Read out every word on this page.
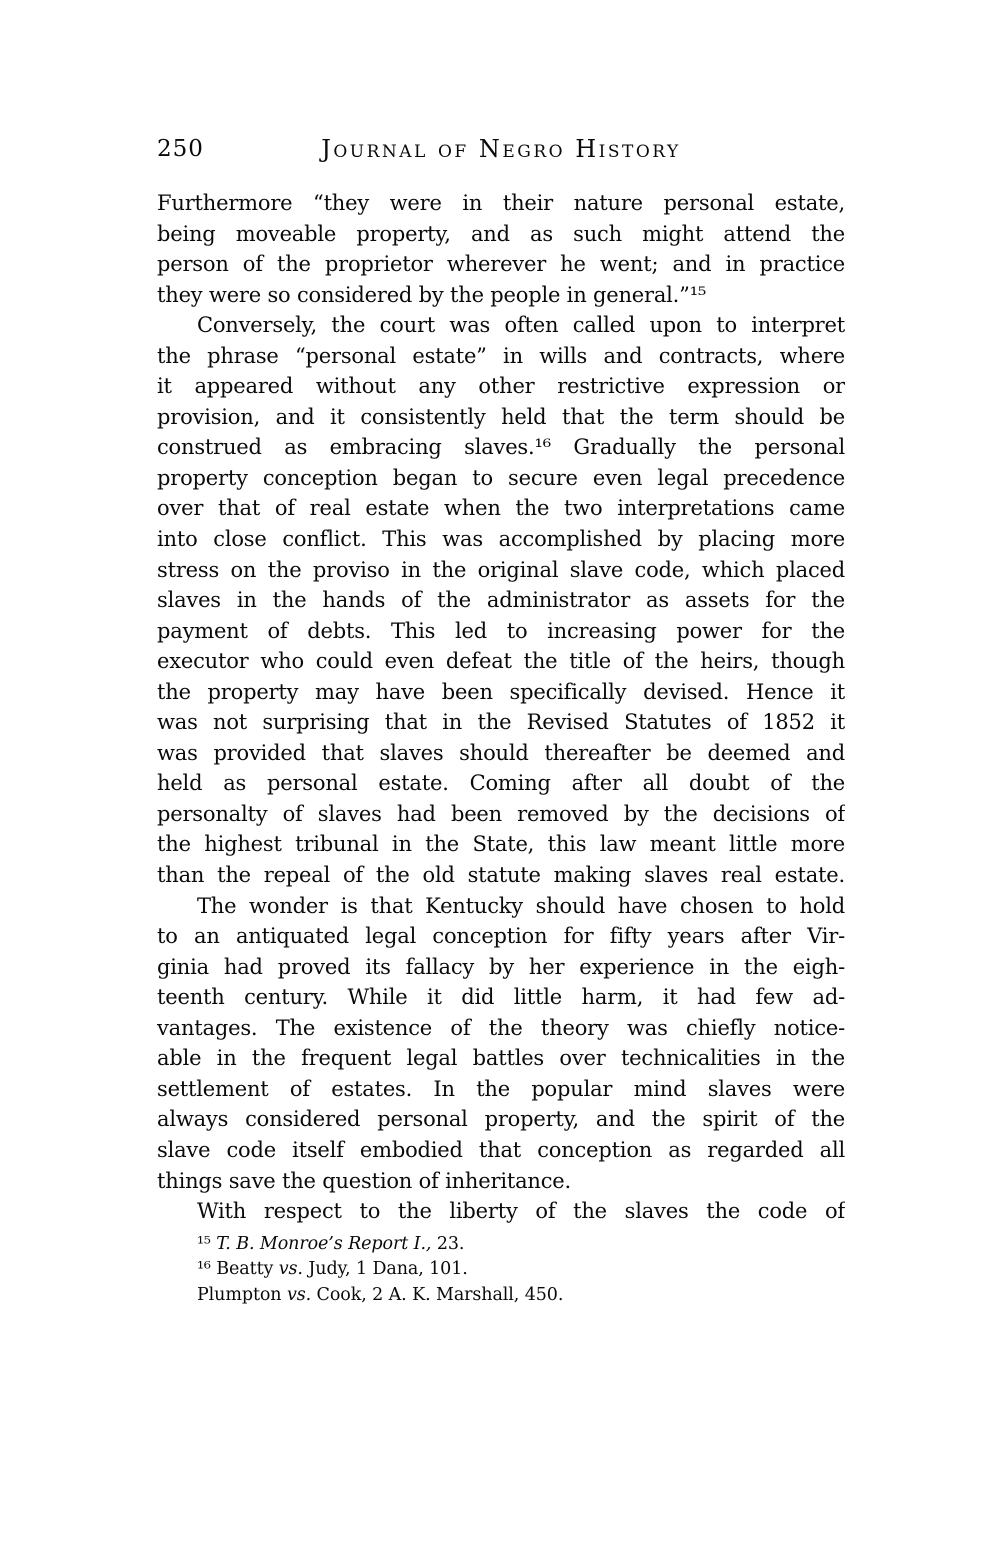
250	Journal of Negro History
Furthermore “they were in their nature personal estate,
being moveable property, and as such might attend the
person of the proprietor wherever he went; and in practice
they were so considered by the people in general.”¹⁵
Conversely, the court was often called upon to interpret
the phrase “personal estate” in wills and contracts, where
it appeared without any other restrictive expression or
provision, and it consistently held that the term should be
construed as embracing slaves.¹⁶ Gradually the personal
property conception began to secure even legal precedence
over that of real estate when the two interpretations came
into close conflict. This was accomplished by placing more
stress on the proviso in the original slave code, which placed
slaves in the hands of the administrator as assets for the
payment of debts. This led to increasing power for the
executor who could even defeat the title of the heirs, though
the property may have been specifically devised. Hence it
was not surprising that in the Revised Statutes of 1852 it
was provided that slaves should thereafter be deemed and
held as personal estate. Coming after all doubt of the
personalty of slaves had been removed by the decisions of
the highest tribunal in the State, this law meant little more
than the repeal of the old statute making slaves real estate.
The wonder is that Kentucky should have chosen to hold
to an antiquated legal conception for fifty years after Vir-
ginia had proved its fallacy by her experience in the eigh-
teenth century. While it did little harm, it had few ad-
vantages. The existence of the theory was chiefly notice-
able in the frequent legal battles over technicalities in the
settlement of estates. In the popular mind slaves were
always considered personal property, and the spirit of the
slave code itself embodied that conception as regarded all
things save the question of inheritance.
With respect to the liberty of the slaves the code of
¹⁵ T. B. Monroe’s Report I., 23.
¹⁶ Beatty vs. Judy, 1 Dana, 101.
Plumpton vs. Cook, 2 A. K. Marshall, 450.
